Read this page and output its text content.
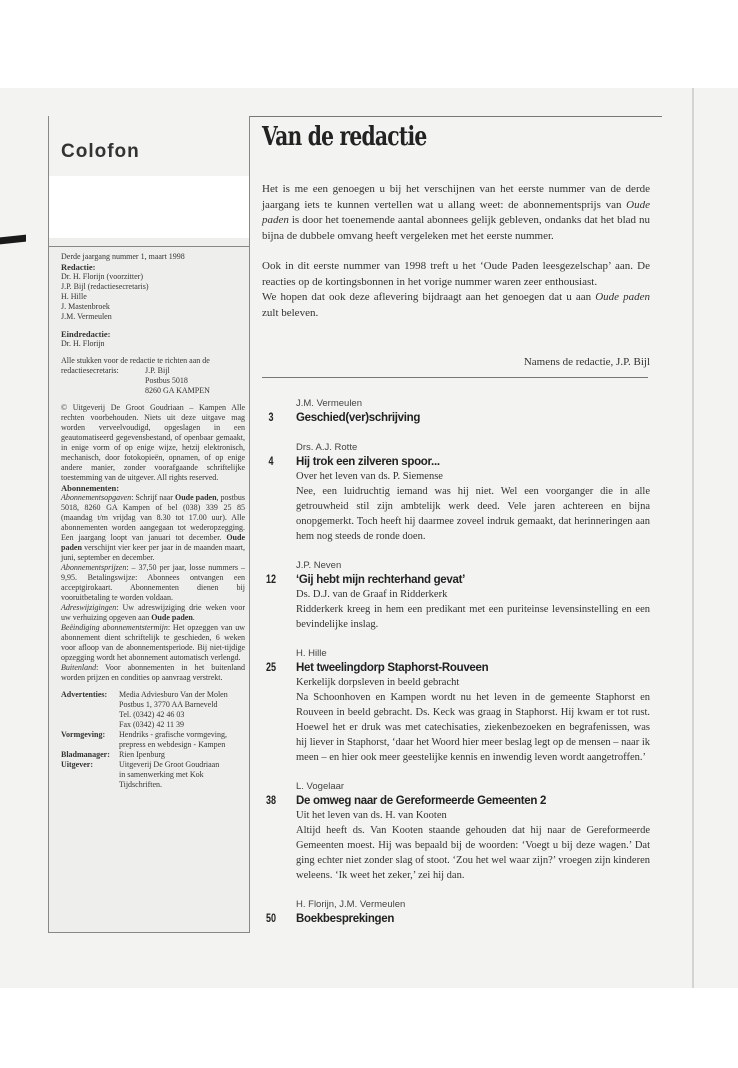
Colofon

Derde jaargang nummer 1, maart 1998

Redactie:

Dr. H. Florijn (voorzitter)

J.P. Bijl (redactiesecretaris)

H. Hille

J. Mastenbroek

J.M. Vermeulen

Eindredactie:

Dr. H. Florijn

Alle stukken voor de redactie te richten aan de

redactiesecretaris:	J.P. Bijl

Postbus 5018

8260 GA KAMPEN

© Uitgeverij De Groot Goudriaan – Kampen Alle rechten voorbehouden. Niets uit deze uitgave mag worden verveelvoudigd, opgeslagen in een geautomatiseerd gegevensbestand, of openbaar gemaakt, in enige vorm of op enige wijze, hetzij elektronisch, mechanisch, door fotokopieën, opnamen, of op enige andere manier, zonder voorafgaande schriftelijke toestemming van de uitgever. All rights reserved.

Abonnementen:

Abonnementsopgaven: Schrijf naar Oude paden, postbus 5018, 8260 GA Kampen of bel (038) 339 25 85 (maandag t/m vrijdag van 8.30 tot 17.00 uur). Alle abonnementen worden aangegaan tot wederopzegging. Een jaargang loopt van januari tot december. Oude paden verschijnt vier keer per jaar in de maanden maart, juni, september en december.

Abonnementsprijzen: – 37,50 per jaar, losse nummers – 9,95. Betalingswijze: Abonnees ontvangen een acceptgirokaart. Abonnementen dienen bij vooruitbetaling te worden voldaan.

Adreswijzigingen: Uw adreswijziging drie weken voor uw verhuizing opgeven aan Oude paden.

Beëindiging abonnementstermijn: Het opzeggen van uw abonnement dient schriftelijk te geschieden, 6 weken voor afloop van de abonnementsperiode. Bij niet-tijdige opzegging wordt het abonnement automatisch verlengd.

Buitenland: Voor abonnementen in het buitenland worden prijzen en condities op aanvraag verstrekt.

Advertenties:	Media Adviesburo Van der Molen
Postbus 1, 3770 AA Barneveld
Tel. (0342) 42 46 03
Fax (0342) 42 11 39
Vormgeving:	Hendriks - grafische vormgeving,
prepress en webdesign - Kampen
Bladmanager:	Rien Ipenburg
Uitgever:	Uitgeverij De Groot Goudriaan
in samenwerking met Kok
Tijdschriften.
Van de redactie

Het is me een genoegen u bij het verschijnen van het eerste nummer van de derde jaargang iets te kunnen vertellen wat u allang weet: de abonnementsprijs van Oude paden is door het toenemende aantal abonnees gelijk gebleven, ondanks dat het blad nu bijna de dubbele omvang heeft vergeleken met het eerste nummer.

Ook in dit eerste nummer van 1998 treft u het ‘Oude Paden leesgezelschap’ aan. De reacties op de kortingsbonnen in het vorige nummer waren zeer enthousiast.

We hopen dat ook deze aflevering bijdraagt aan het genoegen dat u aan Oude paden zult beleven.

Namens de redactie, J.P. Bijl
J.M. Vermeulen
3	Geschied(ver)schrijving
Drs. A.J. Rotte
4	Hij trok een zilveren spoor...
Over het leven van ds. P. Siemense
Nee, een luidruchtig iemand was hij niet. Wel een voorganger die in alle getrouwheid stil zijn ambtelijk werk deed. Vele jaren achtereen en bijna onopgemerkt. Toch heeft hij daarmee zoveel indruk gemaakt, dat herinneringen aan hem nog steeds de ronde doen.
J.P. Neven
12	‘Gij hebt mijn rechterhand gevat’
Ds. D.J. van de Graaf in Ridderkerk
Ridderkerk kreeg in hem een predikant met een puriteinse levensinstelling en een bevindelijke inslag.
H. Hille
25	Het tweelingdorp Staphorst-Rouveen
Kerkelijk dorpsleven in beeld gebracht
Na Schoonhoven en Kampen wordt nu het leven in de gemeente Staphorst en Rouveen in beeld gebracht. Ds. Keck was graag in Staphorst. Hij kwam er tot rust. Hoewel het er druk was met catechisaties, ziekenbezoeken en begrafenissen, was hij liever in Staphorst, ‘daar het Woord hier meer beslag legt op de mensen – naar ik meen – en hier ook meer geestelijke kennis en inwendig leven wordt aangetroffen.’
L. Vogelaar
38	De omweg naar de Gereformeerde Gemeenten 2
Uit het leven van ds. H. van Kooten
Altijd heeft ds. Van Kooten staande gehouden dat hij naar de Gereformeerde Gemeenten moest. Hij was bepaald bij de woorden: ‘Voegt u bij deze wagen.’ Dat ging echter niet zonder slag of stoot. ‘Zou het wel waar zijn?’ vroegen zijn kinderen weleens. ‘Ik weet het zeker,’ zei hij dan.
H. Florijn, J.M. Vermeulen
50	Boekbesprekingen
